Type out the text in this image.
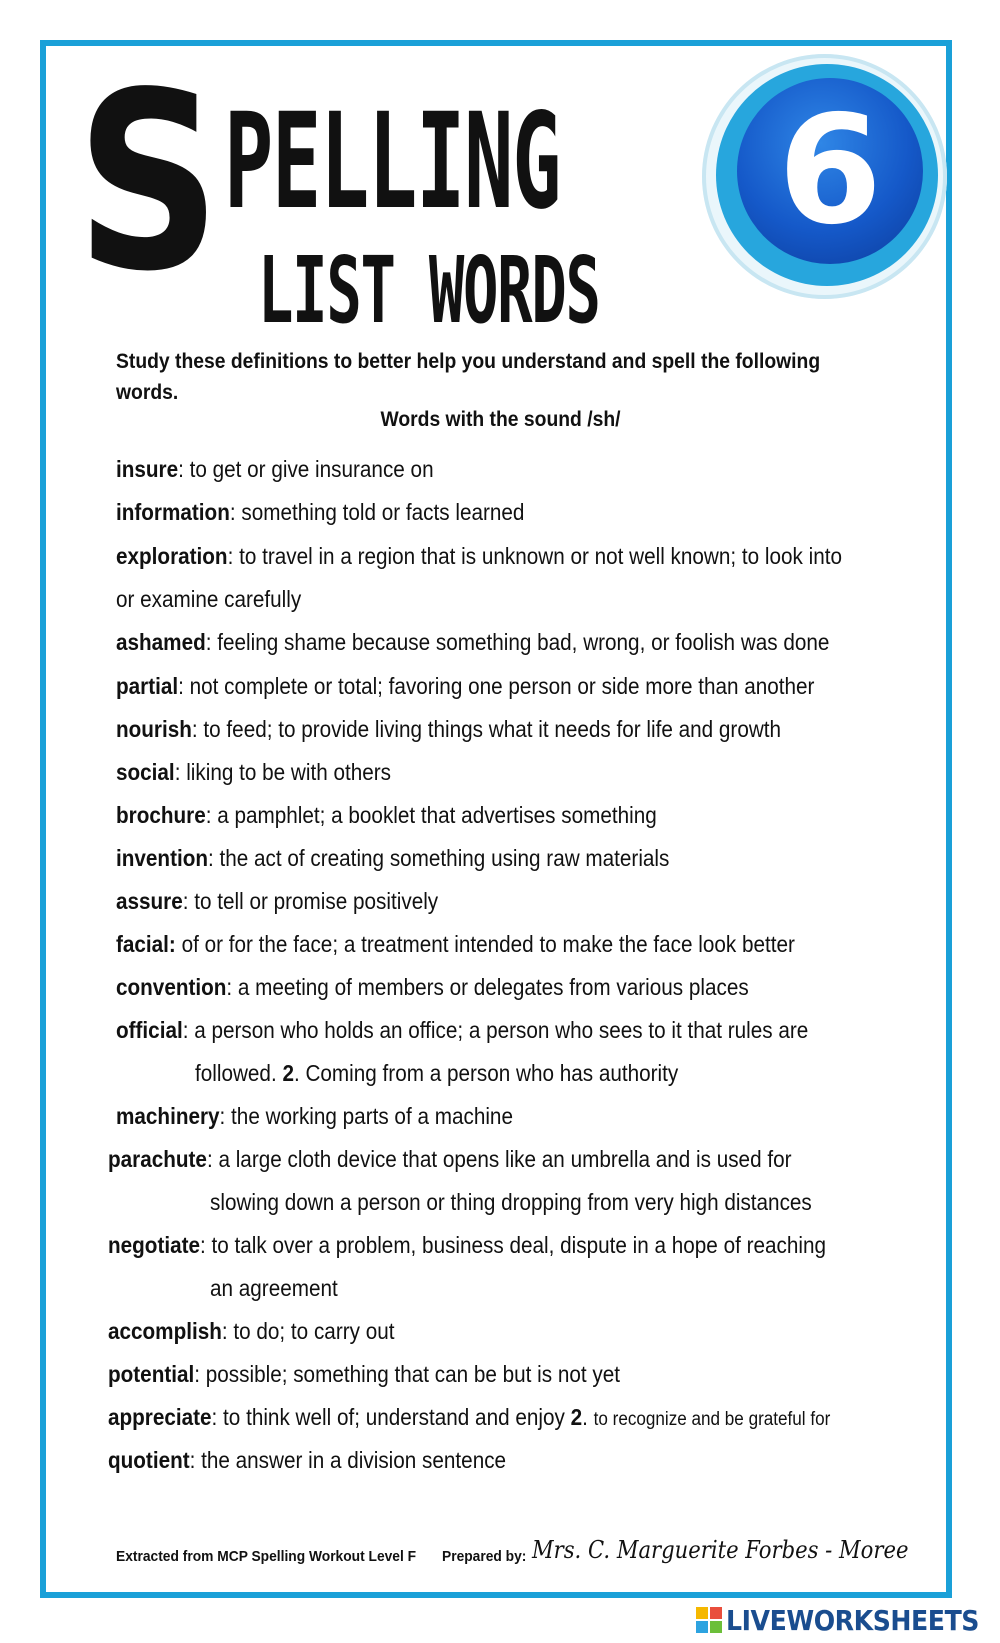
S PELLING
LIST WORDS
6
Study these definitions to better help you understand and spell the following words.
Words with the sound /sh/
insure: to get or give insurance on
information: something told or facts learned
exploration: to travel in a region that is unknown or not well known; to look into
or examine carefully
ashamed: feeling shame because something bad, wrong, or foolish was done
partial: not complete or total; favoring one person or side more than another
nourish: to feed; to provide living things what it needs for life and growth
social: liking to be with others
brochure: a pamphlet; a booklet that advertises something
invention: the act of creating something using raw materials
assure: to tell or promise positively
facial: of or for the face; a treatment intended to make the face look better
convention: a meeting of members or delegates from various places
official: a person who holds an office; a person who sees to it that rules are
followed. 2. Coming from a person who has authority
machinery: the working parts of a machine
parachute: a large cloth device that opens like an umbrella and is used for
slowing down a person or thing dropping from very high distances
negotiate: to talk over a problem, business deal, dispute in a hope of reaching
an agreement
accomplish: to do; to carry out
potential: possible; something that can be but is not yet
appreciate: to think well of; understand and enjoy 2. to recognize and be grateful for
quotient: the answer in a division sentence
Extracted from MCP Spelling Workout Level F Prepared by: Mrs. C. Marguerite Forbes - Moree
LIVEWORKSHEETS
